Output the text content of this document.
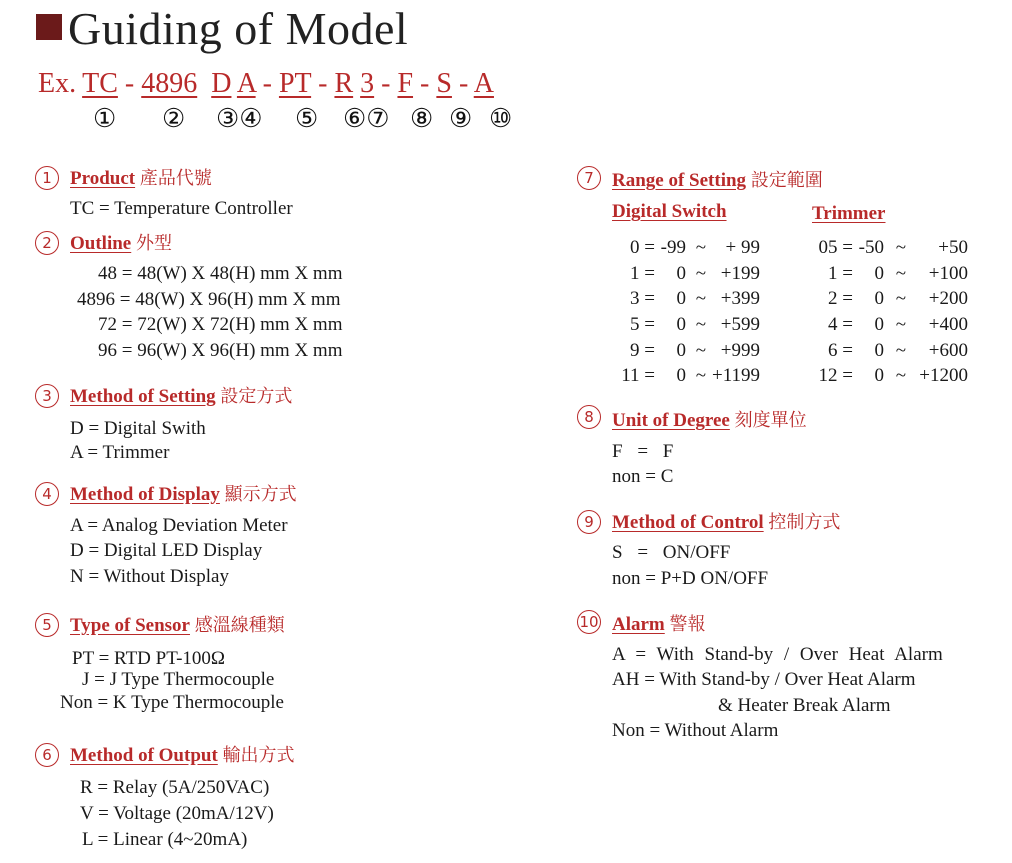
Guiding of Model
Ex. TC - 4896 D A - PT - R 3 - F - S - A
① ② ③④ ⑤ ⑥⑦ ⑧ ⑨ ⑩
1 Product 產品代號
TC = Temperature Controller
2 Outline 外型
48 = 48(W) X 48(H) mm X mm
4896 = 48(W) X 96(H) mm X mm
72 = 72(W) X 72(H) mm X mm
96 = 96(W) X 96(H) mm X mm
3 Method of Setting 設定方式
D = Digital Swith
A = Trimmer
4 Method of Display 顯示方式
A = Analog Deviation Meter
D = Digital LED Display
N = Without Display
5 Type of Sensor 感溫線種類
PT = RTD PT-100Ω
J = J Type Thermocouple
Non = K Type Thermocouple
6 Method of Output 輸出方式
R = Relay (5A/250VAC)
V = Voltage (20mA/12V)
L = Linear (4~20mA)
7 Range of Setting 設定範圍
Digital Switch	Trimmer
0 = -99 ~	+ 99
1 =	0 ~ +199
3 =	0 ~ +399
5 =	0 ~ +599
9 =	0 ~ +999
11 =	0 ~ +1199
05 = -50 ~	+50
1 =	0 ~	+100
2 =	0 ~	+200
4 =	0 ~	+400
6 =	0 ~	+600
12 =	0 ~ +1200
8 Unit of Degree 刻度單位
F = F
non = C
9 Method of Control 控制方式
S = ON/OFF
non = P+D ON/OFF
10 Alarm 警報
A = With Stand-by / Over Heat Alarm
AH = With Stand-by / Over Heat Alarm
& Heater Break Alarm
Non = Without Alarm
